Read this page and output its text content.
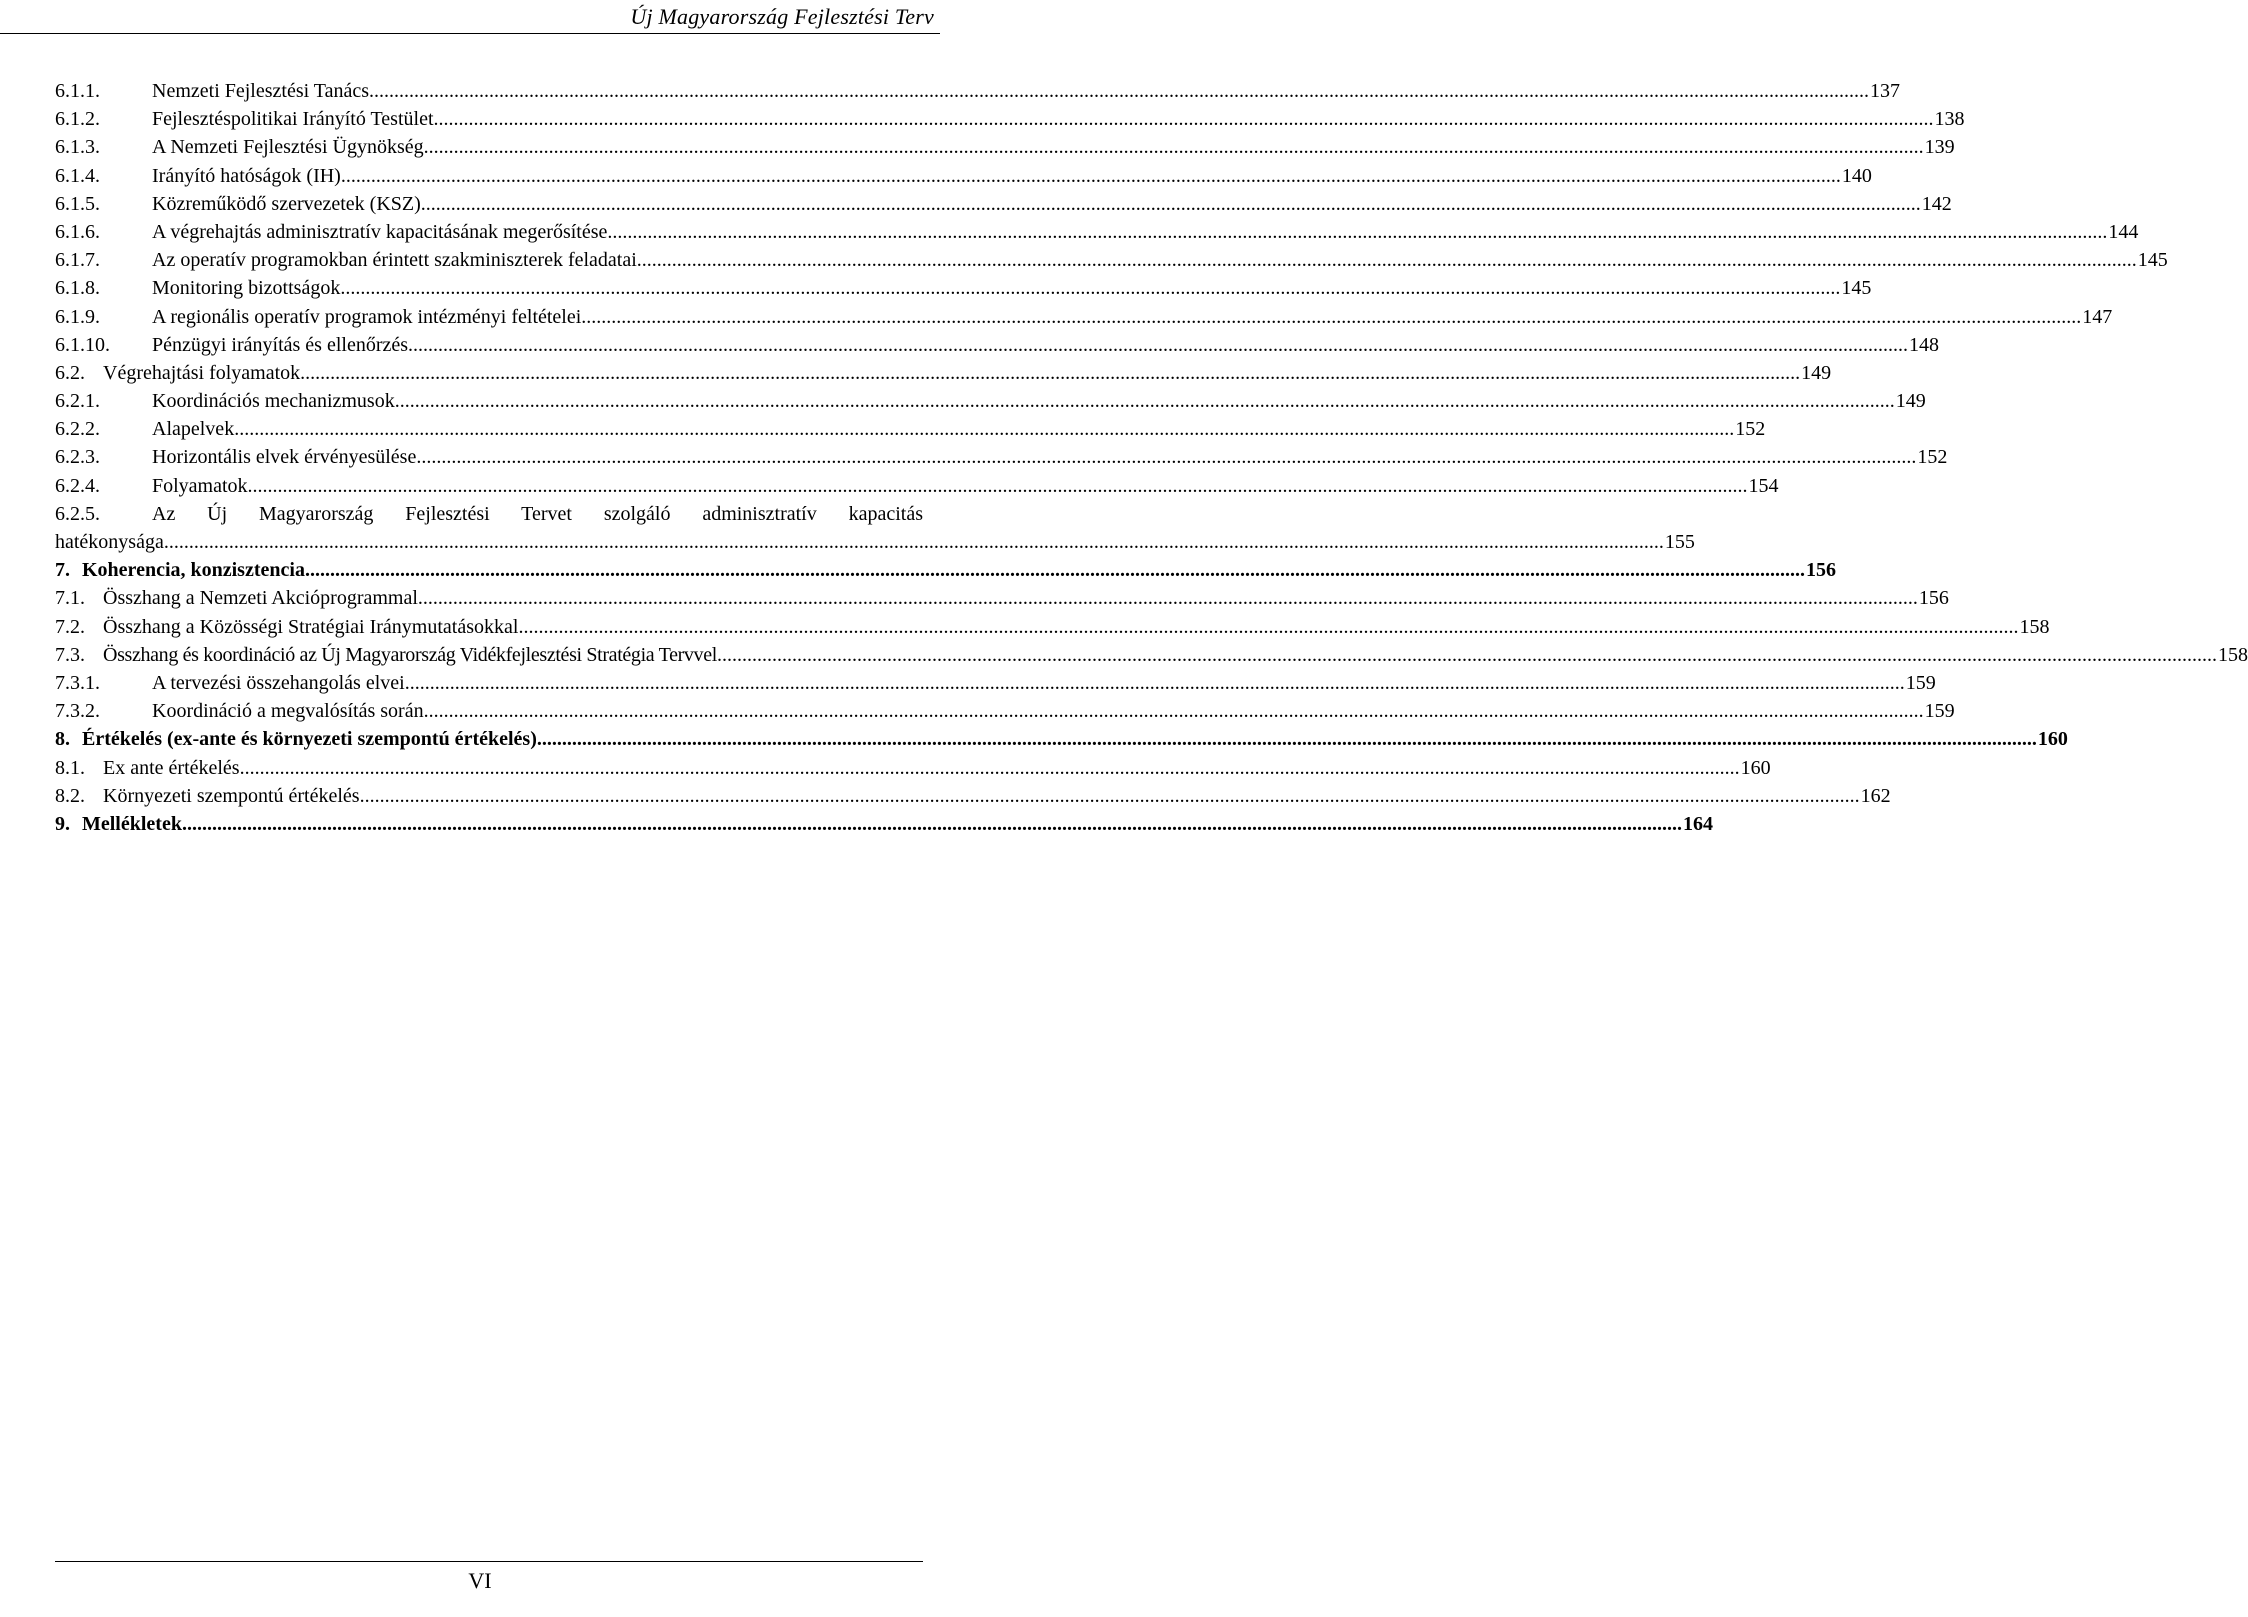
Új Magyarország Fejlesztési Terv
6.1.1.	Nemzeti Fejlesztési Tanács ............................................................................................................................................................................................................................................................................................................ 137
6.1.2.	Fejlesztéspolitikai Irányító Testület ............................................................................................................................................................................................................................................................................................................ 138
6.1.3.	A Nemzeti Fejlesztési Ügynökség ............................................................................................................................................................................................................................................................................................................ 139
6.1.4.	Irányító hatóságok (IH) ............................................................................................................................................................................................................................................................................................................ 140
6.1.5.	Közreműködő szervezetek (KSZ) ............................................................................................................................................................................................................................................................................................................ 142
6.1.6.	A végrehajtás adminisztratív kapacitásának megerősítése ............................................................................................................................................................................................................................................................................................................ 144
6.1.7.	Az operatív programokban érintett szakminiszterek feladatai ............................................................................................................................................................................................................................................................................................................ 145
6.1.8.	Monitoring bizottságok ............................................................................................................................................................................................................................................................................................................ 145
6.1.9.	A regionális operatív programok intézményi feltételei ............................................................................................................................................................................................................................................................................................................ 147
6.1.10. Pénzügyi irányítás és ellenőrzés ............................................................................................................................................................................................................................................................................................................ 148
6.2. Végrehajtási folyamatok ............................................................................................................................................................................................................................................................................................................ 149
6.2.1.	Koordinációs mechanizmusok ............................................................................................................................................................................................................................................................................................................ 149
6.2.2.	Alapelvek ............................................................................................................................................................................................................................................................................................................ 152
6.2.3.	Horizontális elvek érvényesülése ............................................................................................................................................................................................................................................................................................................ 152
6.2.4.	Folyamatok ............................................................................................................................................................................................................................................................................................................ 154
6.2.5.	Az Új Magyarország Fejlesztési Tervet szolgáló adminisztratív kapacitás
hatékonysága ............................................................................................................................................................................................................................................................................................................ 155
7. Koherencia, konzisztencia ............................................................................................................................................................................................................................................................................................................ 156
7.1. Összhang a Nemzeti Akcióprogrammal ............................................................................................................................................................................................................................................................................................................ 156
7.2. Összhang a Közösségi Stratégiai Iránymutatásokkal ............................................................................................................................................................................................................................................................................................................ 158
7.3. Összhang és koordináció az Új Magyarország Vidékfejlesztési Stratégia Tervvel ............................................................................................................................................................................................................................................................................................................ 158
7.3.1.	A tervezési összehangolás elvei ............................................................................................................................................................................................................................................................................................................ 159
7.3.2.	Koordináció a megvalósítás során ............................................................................................................................................................................................................................................................................................................ 159
8. Értékelés (ex-ante és környezeti szempontú értékelés) ............................................................................................................................................................................................................................................................................................................ 160
8.1. Ex ante értékelés ............................................................................................................................................................................................................................................................................................................ 160
8.2. Környezeti szempontú értékelés ............................................................................................................................................................................................................................................................................................................ 162
9. Mellékletek ............................................................................................................................................................................................................................................................................................................ 164
VI
